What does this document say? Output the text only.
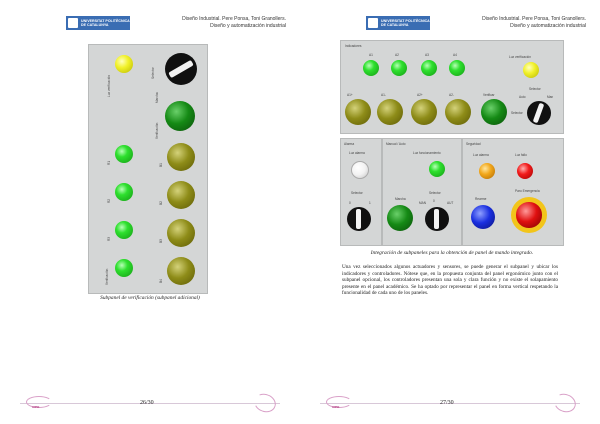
UNIVERSITAT POLITÈCNICA
DE CATALUNYA
Diseño Industrial. Pere Ponsa, Toni Granollers.
Diseño y automatización industrial
Luz verificación
Selector
Marcha
Verificación
R1
B1
R2
B2
R3
B3
Verificación	B4
Subpanel de verificación (subpanel adicional)
AIPO
26/30
UNIVERSITAT POLITÈCNICA
DE CATALUNYA
Diseño Industrial. Pere Ponsa, Toni Granollers.
Diseño y automatización industrial
Indicadores
A1	A2	A3	A4	Luz verificación
A1+	A1-	A2+	A2-	Verificar
Selector
Auto	Man
Selector
Alarma
Luz alarma
Selector
0	1
Manual / Auto
Luz funcionamiento
Marcha
Selector
MAN 0	AUT
Seguridad
Luz alarma	Luz fallo
Rearme
Paro Emergencia
Integración de subpaneles para la obtención de panel de mando integrado.
Una vez seleccionados algunos actuadores y sensores, se puede generar el subpanel y ubicar los indicadores y controladores. Nótese que, en la propuesta conjunta del panel ergonómico junto con el subpanel opcional, los controladores presentan una sola y clara función y no existe el solapamiento presente en el panel académico. Se ha optado por representar el panel en forma vertical respetando la funcionalidad de cada uno de los paneles.
AIPO
27/30
